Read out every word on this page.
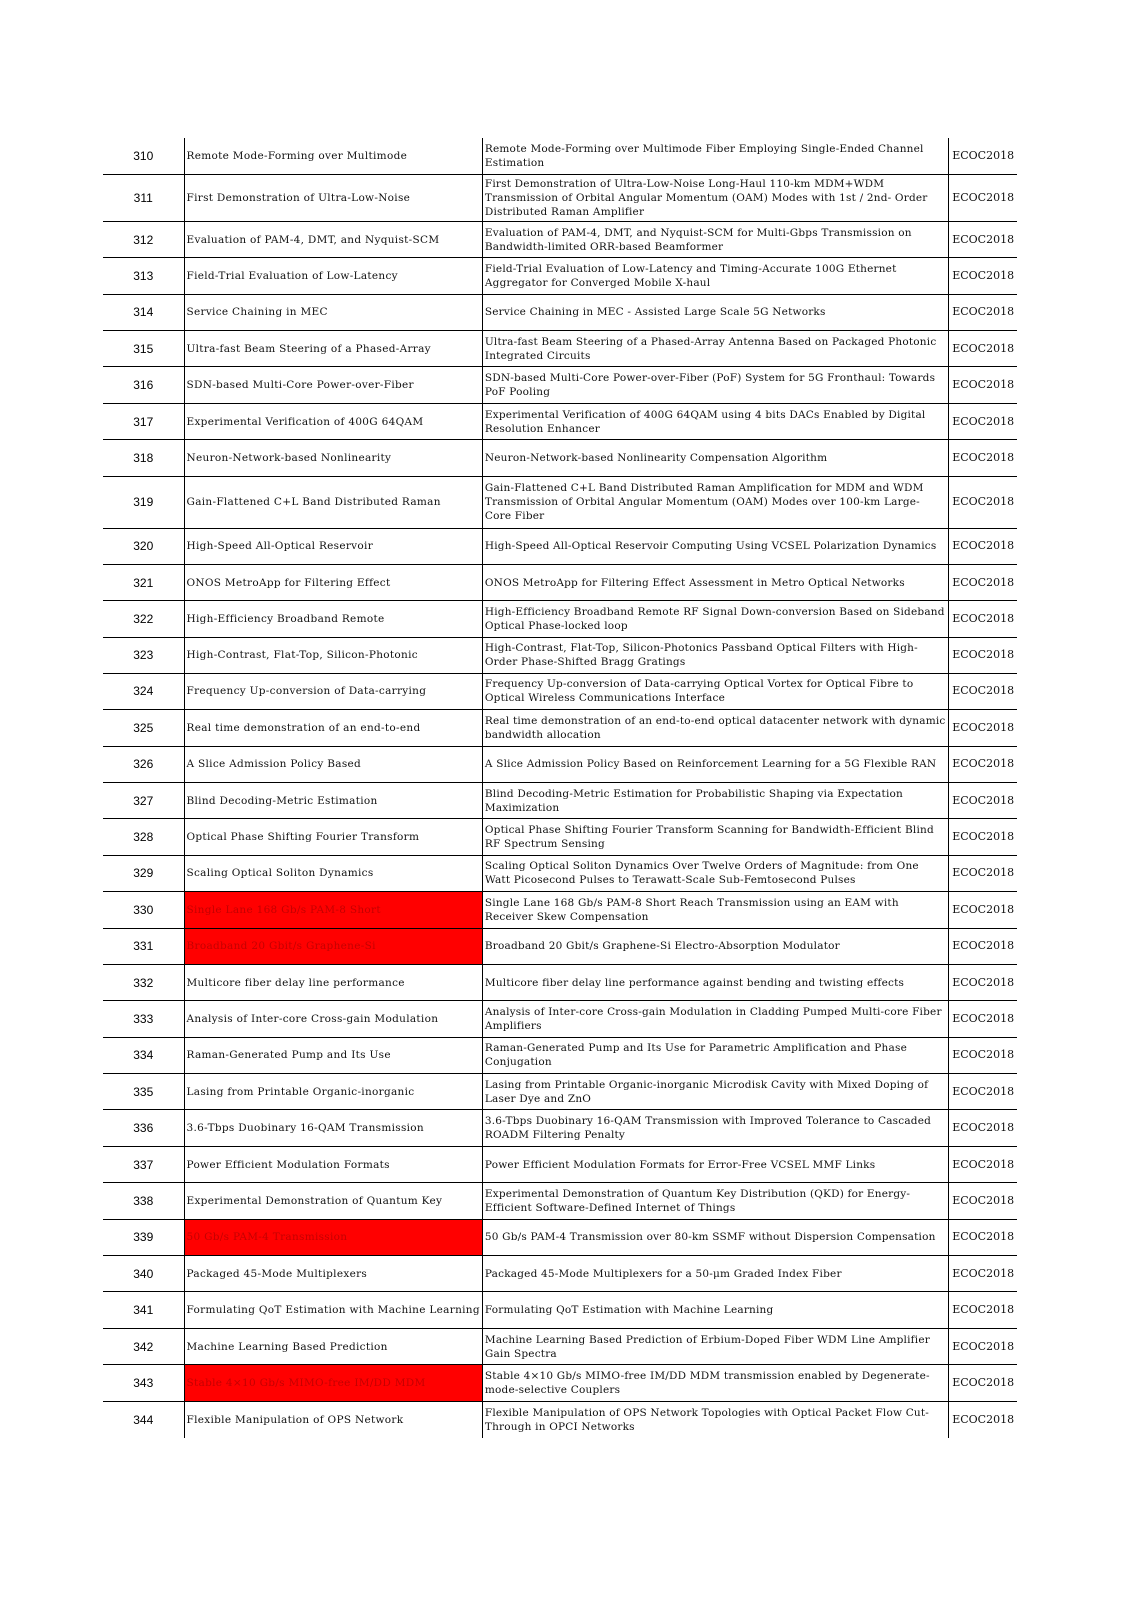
310	Remote Mode-Forming over Multimode	Remote Mode-Forming over Multimode Fiber Employing Single-Ended Channel Estimation	ECOC2018
311	First Demonstration of Ultra-Low-Noise	First Demonstration of Ultra-Low-Noise Long-Haul 110-km MDM+WDM Transmission of Orbital Angular Momentum (OAM) Modes with 1st / 2nd- Order Distributed Raman Amplifier	ECOC2018
312	Evaluation of PAM-4, DMT, and Nyquist-SCM	Evaluation of PAM-4, DMT, and Nyquist-SCM for Multi-Gbps Transmission on Bandwidth-limited ORR-based Beamformer	ECOC2018
313	Field-Trial Evaluation of Low-Latency	Field-Trial Evaluation of Low-Latency and Timing-Accurate 100G Ethernet Aggregator for Converged Mobile X-haul	ECOC2018
314	Service Chaining in MEC	Service Chaining in MEC - Assisted Large Scale 5G Networks	ECOC2018
315	Ultra-fast Beam Steering of a Phased-Array	Ultra-fast Beam Steering of a Phased-Array Antenna Based on Packaged Photonic Integrated Circuits	ECOC2018
316	SDN-based Multi-Core Power-over-Fiber	SDN-based Multi-Core Power-over-Fiber (PoF) System for 5G Fronthaul: Towards PoF Pooling	ECOC2018
317	Experimental Verification of 400G 64QAM	Experimental Verification of 400G 64QAM using 4 bits DACs Enabled by Digital Resolution Enhancer	ECOC2018
318	Neuron-Network-based Nonlinearity	Neuron-Network-based Nonlinearity Compensation Algorithm	ECOC2018
319	Gain-Flattened C+L Band Distributed Raman	Gain-Flattened C+L Band Distributed Raman Amplification for MDM and WDM Transmission of Orbital Angular Momentum (OAM) Modes over 100-km Large-Core Fiber	ECOC2018
320	High-Speed All-Optical Reservoir	High-Speed All-Optical Reservoir Computing Using VCSEL Polarization Dynamics	ECOC2018
321	ONOS MetroApp for Filtering Effect	ONOS MetroApp for Filtering Effect Assessment in Metro Optical Networks	ECOC2018
322	High-Efficiency Broadband Remote	High-Efficiency Broadband Remote RF Signal Down-conversion Based on Sideband Optical Phase-locked loop	ECOC2018
323	High-Contrast, Flat-Top, Silicon-Photonic	High-Contrast, Flat-Top, Silicon-Photonics Passband Optical Filters with High-Order Phase-Shifted Bragg Gratings	ECOC2018
324	Frequency Up-conversion of Data-carrying	Frequency Up-conversion of Data-carrying Optical Vortex for Optical Fibre to Optical Wireless Communications Interface	ECOC2018
325	Real time demonstration of an end-to-end	Real time demonstration of an end-to-end optical datacenter network with dynamic bandwidth allocation	ECOC2018
326	A Slice Admission Policy Based	A Slice Admission Policy Based on Reinforcement Learning for a 5G Flexible RAN	ECOC2018
327	Blind Decoding-Metric Estimation	Blind Decoding-Metric Estimation for Probabilistic Shaping via Expectation Maximization	ECOC2018
328	Optical Phase Shifting Fourier Transform	Optical Phase Shifting Fourier Transform Scanning for Bandwidth-Efficient Blind RF Spectrum Sensing	ECOC2018
329	Scaling Optical Soliton Dynamics	Scaling Optical Soliton Dynamics Over Twelve Orders of Magnitude: from One Watt Picosecond Pulses to Terawatt-Scale Sub-Femtosecond Pulses	ECOC2018
330	Single Lane 168 Gb/s PAM-8 Short	Single Lane 168 Gb/s PAM-8 Short Reach Transmission using an EAM with Receiver Skew Compensation	ECOC2018
331	Broadband 20 Gbit/s Graphene-Si	Broadband 20 Gbit/s Graphene-Si Electro-Absorption Modulator	ECOC2018
332	Multicore fiber delay line performance	Multicore fiber delay line performance against bending and twisting effects	ECOC2018
333	Analysis of Inter-core Cross-gain Modulation	Analysis of Inter-core Cross-gain Modulation in Cladding Pumped Multi-core Fiber Amplifiers	ECOC2018
334	Raman-Generated Pump and Its Use	Raman-Generated Pump and Its Use for Parametric Amplification and Phase Conjugation	ECOC2018
335	Lasing from Printable Organic-inorganic	Lasing from Printable Organic-inorganic Microdisk Cavity with Mixed Doping of Laser Dye and ZnO	ECOC2018
336	3.6-Tbps Duobinary 16-QAM Transmission	3.6-Tbps Duobinary 16-QAM Transmission with Improved Tolerance to Cascaded ROADM Filtering Penalty	ECOC2018
337	Power Efficient Modulation Formats	Power Efficient Modulation Formats for Error-Free VCSEL MMF Links	ECOC2018
338	Experimental Demonstration of Quantum Key	Experimental Demonstration of Quantum Key Distribution (QKD) for Energy-Efficient Software-Defined Internet of Things	ECOC2018
339	50 Gb/s PAM-4 Transmission	50 Gb/s PAM-4 Transmission over 80-km SSMF without Dispersion Compensation	ECOC2018
340	Packaged 45-Mode Multiplexers	Packaged 45-Mode Multiplexers for a 50-μm Graded Index Fiber	ECOC2018
341	Formulating QoT Estimation with Machine Learning	Formulating QoT Estimation with Machine Learning	ECOC2018
342	Machine Learning Based Prediction	Machine Learning Based Prediction of Erbium-Doped Fiber WDM Line Amplifier Gain Spectra	ECOC2018
343	Stable 4×10 Gb/s MIMO-free IM/DD MDM	Stable 4×10 Gb/s MIMO-free IM/DD MDM transmission enabled by Degenerate-mode-selective Couplers	ECOC2018
344	Flexible Manipulation of OPS Network	Flexible Manipulation of OPS Network Topologies with Optical Packet Flow Cut-Through in OPCI Networks	ECOC2018
